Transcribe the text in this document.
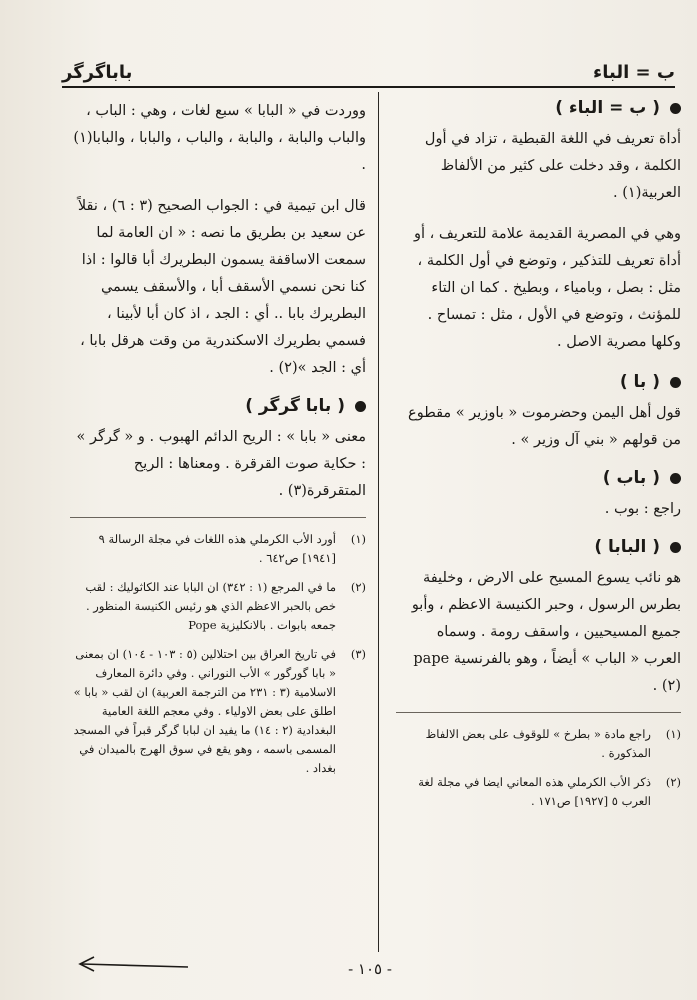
ب = الباء
باباگرگر
( ب = الباء )

أداة تعريف في اللغة القبطية ، تزاد في أول الكلمة ، وقد دخلت على كثير من الألفاظ العربية(١) .

وهي في المصرية القديمة علامة للتعريف ، أو أداة تعريف للتذكير ، وتوضع في أول الكلمة ، مثل : بصل ، وبامياء ، وبطيخ . كما ان التاء للمؤنث ، وتوضع في الأول ، مثل : تمساح . وكلها مصرية الاصل .

( با )

قول أهل اليمن وحضرموت « باوزير » مقطوع من قولهم « بني آل وزير » .

( باب )

راجع : بوب .

( البابا )

هو نائب يسوع المسيح على الارض ، وخليفة بطرس الرسول ، وحبر الكنيسة الاعظم ، وأبو جميع المسيحيين ، واسقف رومة . وسماه العرب « الباب » أيضاً ، وهو بالفرنسية pape (٢) .

(١)
راجع مادة « بطرخ » للوقوف على بعض الالفاظ المذكورة .
(٢)
ذكر الأب الكرملي هذه المعاني ايضا في مجلة لغة العرب ٥ [١٩٢٧] ص١٧١ .

ووردت في « البابا » سبع لغات ، وهي : الباب ، والباب والبابة ، والبابة ، والباب ، والبابا ، والبابا(١) .

قال ابن تيمية في : الجواب الصحيح (٣ : ٦) ، نقلاً عن سعيد بن بطريق ما نصه : « ان العامة لما سمعت الاساقفة يسمون البطريرك أبا قالوا : اذا كنا نحن نسمي الأسقف أبا ، والأسقف يسمي البطريرك بابا .. أي : الجد ، اذ كان أبا لأبينا ، فسمي بطريرك الاسكندرية من وقت هرقل بابا ، أي : الجد »(٢) .

( بابا گرگر )

معنى « بابا » : الريح الدائم الهبوب . و « گرگر » : حكاية صوت القرقرة . ومعناها : الريح المتقرقرة(٣) .

(١)
أورد الأب الكرملي هذه اللغات في مجلة الرسالة ٩ [١٩٤١] ص٦٤٢ .
(٢)
ما في المرجع (١ : ٣٤٢) ان البابا عند الكاثوليك : لقب خص بالحبر الاعظم الذي هو رئيس الكنيسة المنظور . جمعه بابوات . بالانكليزية Pope
(٣)
في تاريخ العراق بين احتلالين (٥ : ١٠٣ - ١٠٤) ان بمعنى « بابا گورگور » الأب النوراني . وفي دائرة المعارف الاسلامية (٣ : ٢٣١ من الترجمة العربية) ان لقب « بابا » اطلق على بعض الاولياء . وفي معجم اللغة العامية البغدادية (٢ : ١٤) ما يفيد ان لبابا گرگر قبراً في المسجد المسمى باسمه ، وهو يقع في سوق الهرج بالميدان في بغداد .
- ١٠٥ -
